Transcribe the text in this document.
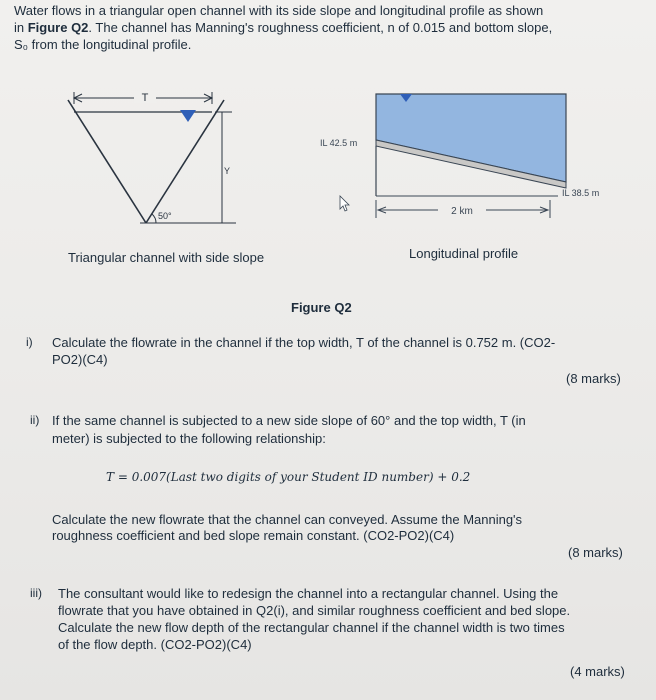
Water flows in a triangular open channel with its side slope and longitudinal profile as shown
in Figure Q2. The channel has Manning's roughness coefficient, n of 0.015 and bottom slope,
S₀ from the longitudinal profile.
T
Y
50°
IL 42.5 m
IL 38.5 m
2 km
Triangular channel with side slope	Longitudinal profile
Figure Q2
i) Calculate the flowrate in the channel if the top width, T of the channel is 0.752 m. (CO2-
PO2)(C4)
(8 marks)
ii) If the same channel is subjected to a new side slope of 60° and the top width, T (in
meter) is subjected to the following relationship:
T = 0.007(Last two digits of your Student ID number) + 0.2
Calculate the new flowrate that the channel can conveyed. Assume the Manning's
roughness coefficient and bed slope remain constant. (CO2-PO2)(C4)
(8 marks)
iii) The consultant would like to redesign the channel into a rectangular channel. Using the
flowrate that you have obtained in Q2(i), and similar roughness coefficient and bed slope.
Calculate the new flow depth of the rectangular channel if the channel width is two times
of the flow depth. (CO2-PO2)(C4)
(4 marks)
